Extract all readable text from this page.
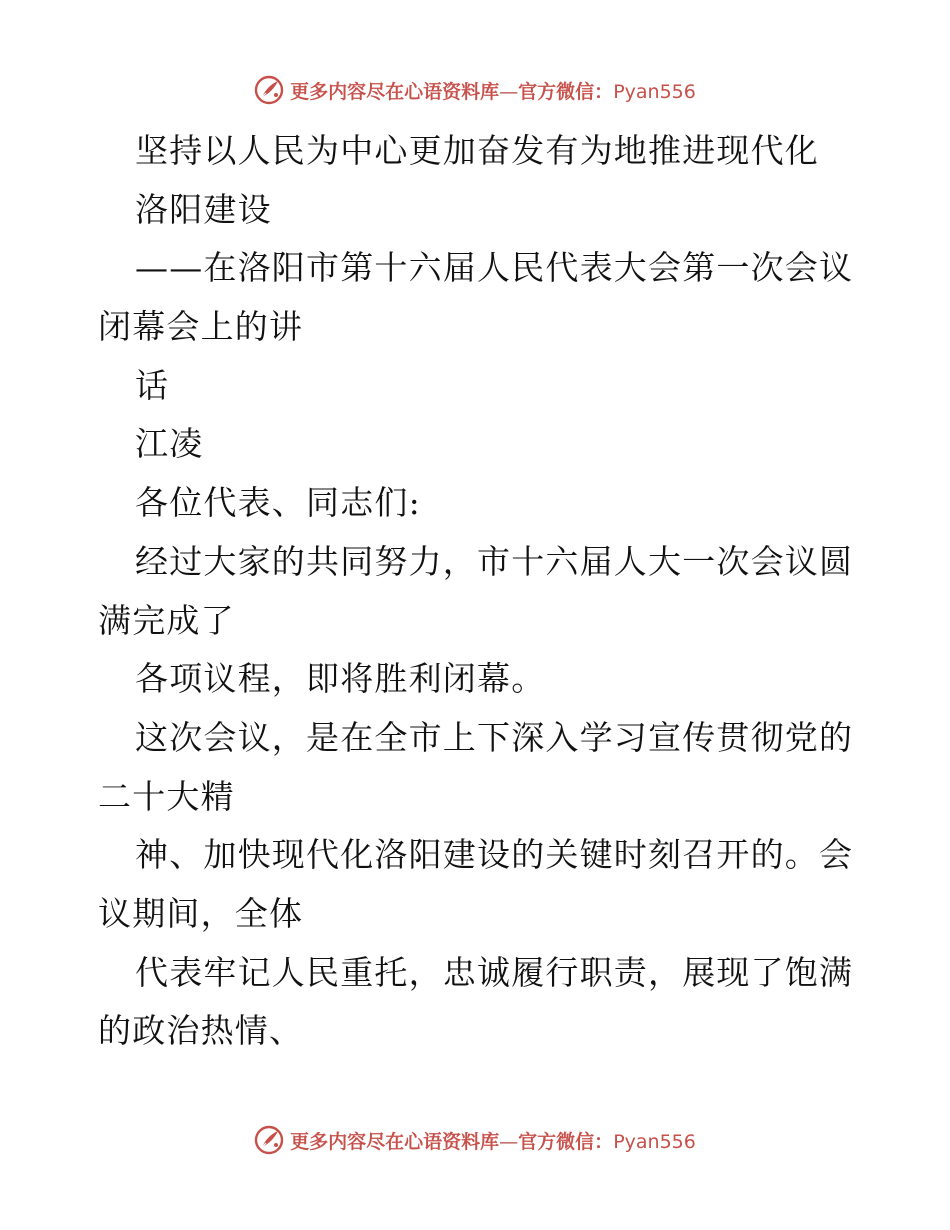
更多内容尽在心语资料库—官方微信：Pyan556
坚持以人民为中心更加奋发有为地推进现代化
洛阳建设
——在洛阳市第十六届人民代表大会第一次会议
闭幕会上的讲
话
江凌
各位代表、同志们:
经过大家的共同努力，市十六届人大一次会议圆
满完成了
各项议程，即将胜利闭幕。
这次会议，是在全市上下深入学习宣传贯彻党的
二十大精
神、加快现代化洛阳建设的关键时刻召开的。会
议期间，全体
代表牢记人民重托，忠诚履行职责，展现了饱满
的政治热情、
更多内容尽在心语资料库—官方微信：Pyan556
